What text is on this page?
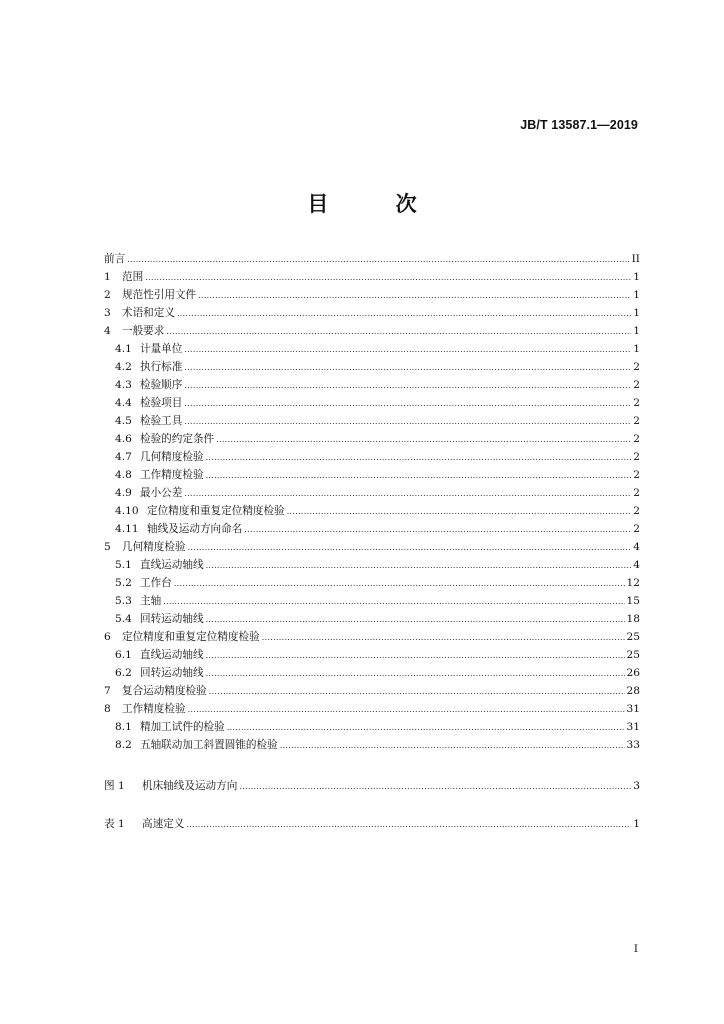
JB/T 13587.1—2019
目 次
前言 .....	II
1	范围 .....	1
2	规范性引用文件 .....	1
3	术语和定义 .....	1
4	一般要求 .....	1
4.1 计量单位 .....	1
4.2 执行标准 .....	2
4.3 检验顺序 .....	2
4.4 检验项目 .....	2
4.5 检验工具 .....	2
4.6 检验的约定条件 .....	2
4.7 几何精度检验 .....	2
4.8 工作精度检验 .....	2
4.9 最小公差 .....	2
4.10 定位精度和重复定位精度检验 .....	2
4.11 轴线及运动方向命名 .....	2
5	几何精度检验 .....	4
5.1 直线运动轴线 .....	4
5.2 工作台 .....	12
5.3 主轴 .....	15
5.4 回转运动轴线 .....	18
6	定位精度和重复定位精度检验 .....	25
6.1 直线运动轴线 .....	25
6.2 回转运动轴线 .....	26
7	复合运动精度检验 .....	28
8	工作精度检验 .....	31
8.1 精加工试件的检验 .....	31
8.2 五轴联动加工斜置圆锥的检验 .....	33
图 1	机床轴线及运动方向 .....	3
表 1	高速定义 .....	1
I
